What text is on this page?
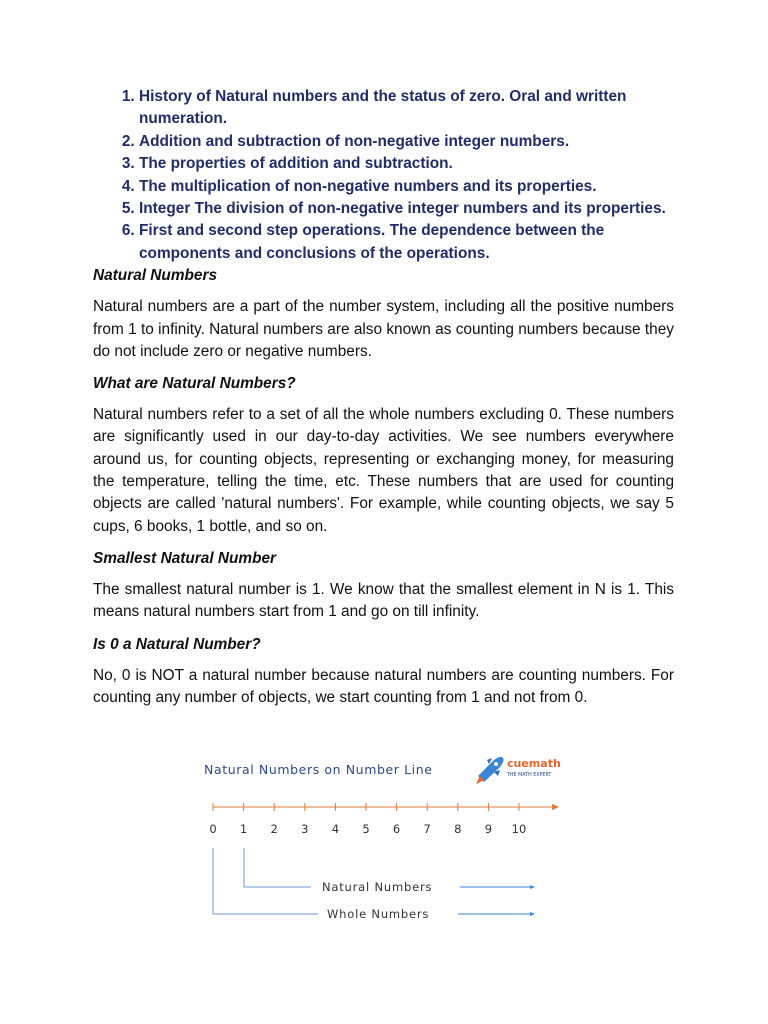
1. History of Natural numbers and the status of zero. Oral and written numeration.
2. Addition and subtraction of non-negative integer numbers.
3. The properties of addition and subtraction.
4. The multiplication of non-negative numbers and its properties.
5. Integer The division of non-negative integer numbers and its properties.
6. First and second step operations. The dependence between the components and conclusions of the operations.

Natural Numbers

Natural numbers are a part of the number system, including all the positive numbers from 1 to infinity. Natural numbers are also known as counting numbers because they do not include zero or negative numbers.

What are Natural Numbers?

Natural numbers refer to a set of all the whole numbers excluding 0. These numbers are significantly used in our day-to-day activities. We see numbers everywhere around us, for counting objects, representing or exchanging money, for measuring the temperature, telling the time, etc. These numbers that are used for counting objects are called 'natural numbers'. For example, while counting objects, we say 5 cups, 6 books, 1 bottle, and so on.

Smallest Natural Number

The smallest natural number is 1. We know that the smallest element in N is 1. This means natural numbers start from 1 and go on till infinity.

Is 0 a Natural Number?

No, 0 is NOT a natural number because natural numbers are counting numbers. For counting any number of objects, we start counting from 1 and not from 0.

Natural Numbers on Number Line	cuemath
THE MATH EXPERT
0 1 2 3 4 5 6 7 8 9 10
Natural Numbers
Whole Numbers
